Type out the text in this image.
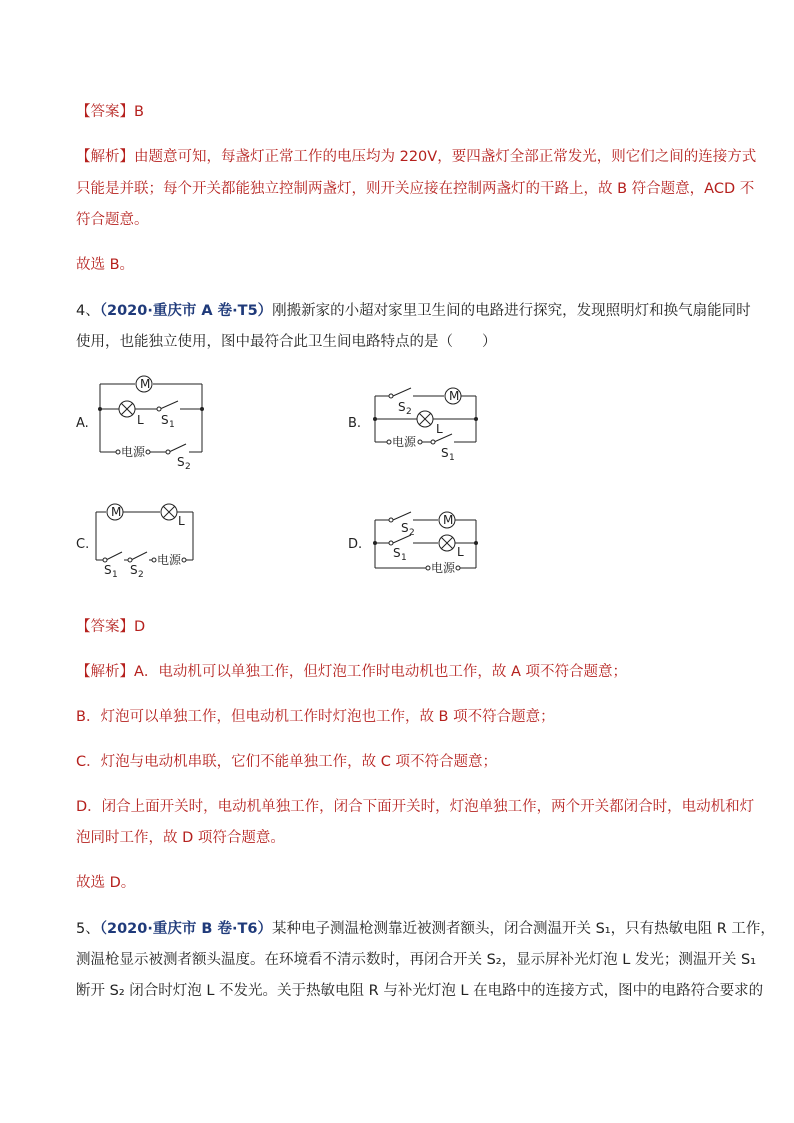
【答案】B
【解析】由题意可知，每盏灯正常工作的电压均为 220V，要四盏灯全部正常发光，则它们之间的连接方式
只能是并联；每个开关都能独立控制两盏灯，则开关应接在控制两盏灯的干路上，故 B 符合题意，ACD 不
符合题意。
故选 B。
4、（2020·重庆市 A 卷·T5）刚搬新家的小超对家里卫生间的电路进行探究，发现照明灯和换气扇能同时
使用，也能独立使用，图中最符合此卫生间电路特点的是（　　）
A.	B.
C.	D.
M
L S 1
电源
S 2
S 2
M
L
电源
S 1
M
L
S 1 S 2
电源
S 2
M
S 1	L
电源
【答案】D
【解析】A．电动机可以单独工作，但灯泡工作时电动机也工作，故 A 项不符合题意；
B．灯泡可以单独工作，但电动机工作时灯泡也工作，故 B 项不符合题意；
C．灯泡与电动机串联，它们不能单独工作，故 C 项不符合题意；
D．闭合上面开关时，电动机单独工作，闭合下面开关时，灯泡单独工作，两个开关都闭合时，电动机和灯
泡同时工作，故 D 项符合题意。
故选 D。
5、（2020·重庆市 B 卷·T6）某种电子测温枪测靠近被测者额头，闭合测温开关 S₁，只有热敏电阻 R 工作，
测温枪显示被测者额头温度。在环境看不清示数时，再闭合开关 S₂，显示屏补光灯泡 L 发光；测温开关 S₁
断开 S₂ 闭合时灯泡 L 不发光。关于热敏电阻 R 与补光灯泡 L 在电路中的连接方式，图中的电路符合要求的
